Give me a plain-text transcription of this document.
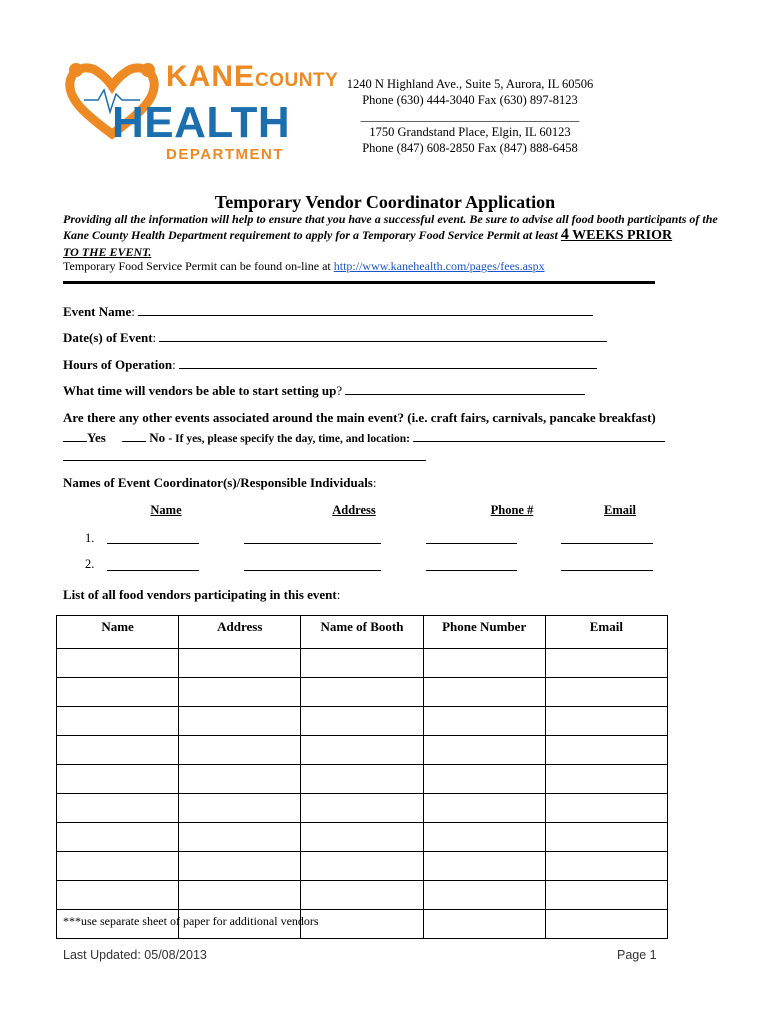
KANECOUNTY
HEALTH
DEPARTMENT
1240 N Highland Ave., Suite 5, Aurora, IL 60506
Phone (630) 444-3040 Fax (630) 897-8123
___________________________________
1750 Grandstand Place, Elgin, IL 60123
Phone (847) 608-2850 Fax (847) 888-6458
Temporary Vendor Coordinator Application
Providing all the information will help to ensure that you have a successful event. Be sure to advise all food booth participants of the Kane County Health Department requirement to apply for a Temporary Food Service Permit at least 4 WEEKS PRIOR
TO THE EVENT.
Temporary Food Service Permit can be found on-line at http://www.kanehealth.com/pages/fees.aspx
Event Name:
Date(s) of Event:
Hours of Operation:
What time will vendors be able to start setting up?
Are there any other events associated around the main event? (i.e. craft fairs, carnivals, pancake breakfast)
Yes	No - If yes, please specify the day, time, and location:
Names of Event Coordinator(s)/Responsible Individuals:
Name	Address	Phone #	Email
1.
2.
List of all food vendors participating in this event:
Name	Address	Name of Booth	Phone Number	Email

***use separate sheet of paper for additional vendors
Last Updated: 05/08/2013	Page 1
